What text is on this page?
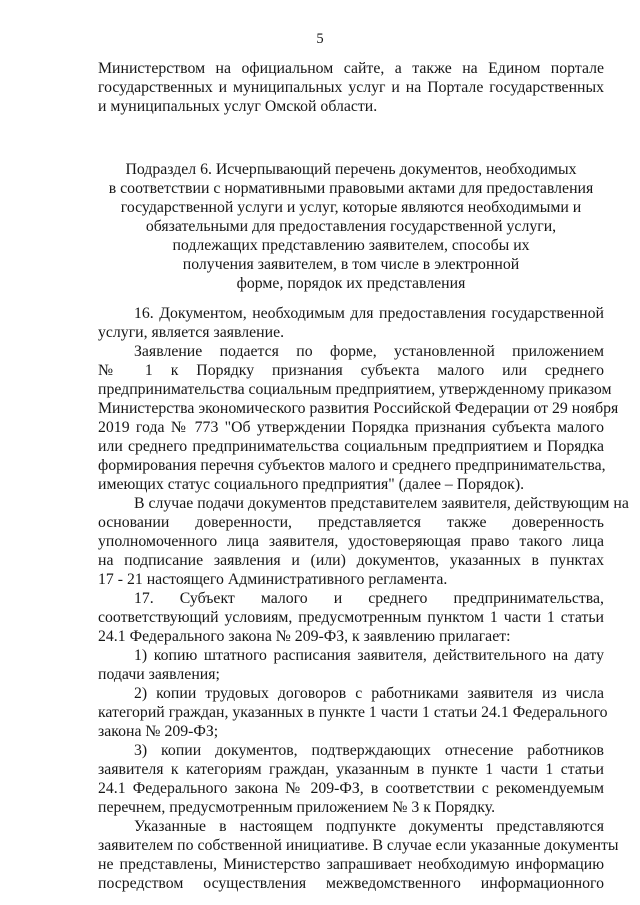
5
Министерством на официальном сайте, а также на Едином портале
государственных и муниципальных услуг и на Портале государственных
и муниципальных услуг Омской области.
Подраздел 6. Исчерпывающий перечень документов, необходимых
в соответствии с нормативными правовыми актами для предоставления
государственной услуги и услуг, которые являются необходимыми и
обязательными для предоставления государственной услуги,
подлежащих представлению заявителем, способы их
получения заявителем, в том числе в электронной
форме, порядок их представления
16. Документом, необходимым для предоставления государственной
услуги, является заявление.
Заявление подается по форме, установленной приложением
№ 1 к Порядку признания субъекта малого или среднего
предпринимательства социальным предприятием, утвержденному приказом
Министерства экономического развития Российской Федерации от 29 ноября
2019 года № 773 "Об утверждении Порядка признания субъекта малого
или среднего предпринимательства социальным предприятием и Порядка
формирования перечня субъектов малого и среднего предпринимательства,
имеющих статус социального предприятия" (далее – Порядок).
В случае подачи документов представителем заявителя, действующим на
основании доверенности, представляется также доверенность
уполномоченного лица заявителя, удостоверяющая право такого лица
на подписание заявления и (или) документов, указанных в пунктах
17 - 21 настоящего Административного регламента.
17. Субъект малого и среднего предпринимательства,
соответствующий условиям, предусмотренным пунктом 1 части 1 статьи
24.1 Федерального закона № 209-ФЗ, к заявлению прилагает:
1) копию штатного расписания заявителя, действительного на дату
подачи заявления;
2) копии трудовых договоров с работниками заявителя из числа
категорий граждан, указанных в пункте 1 части 1 статьи 24.1 Федерального
закона № 209-ФЗ;
3) копии документов, подтверждающих отнесение работников
заявителя к категориям граждан, указанным в пункте 1 части 1 статьи
24.1 Федерального закона № 209-ФЗ, в соответствии с рекомендуемым
перечнем, предусмотренным приложением № 3 к Порядку.
Указанные в настоящем подпункте документы представляются
заявителем по собственной инициативе. В случае если указанные документы
не представлены, Министерство запрашивает необходимую информацию
посредством осуществления межведомственного информационного
